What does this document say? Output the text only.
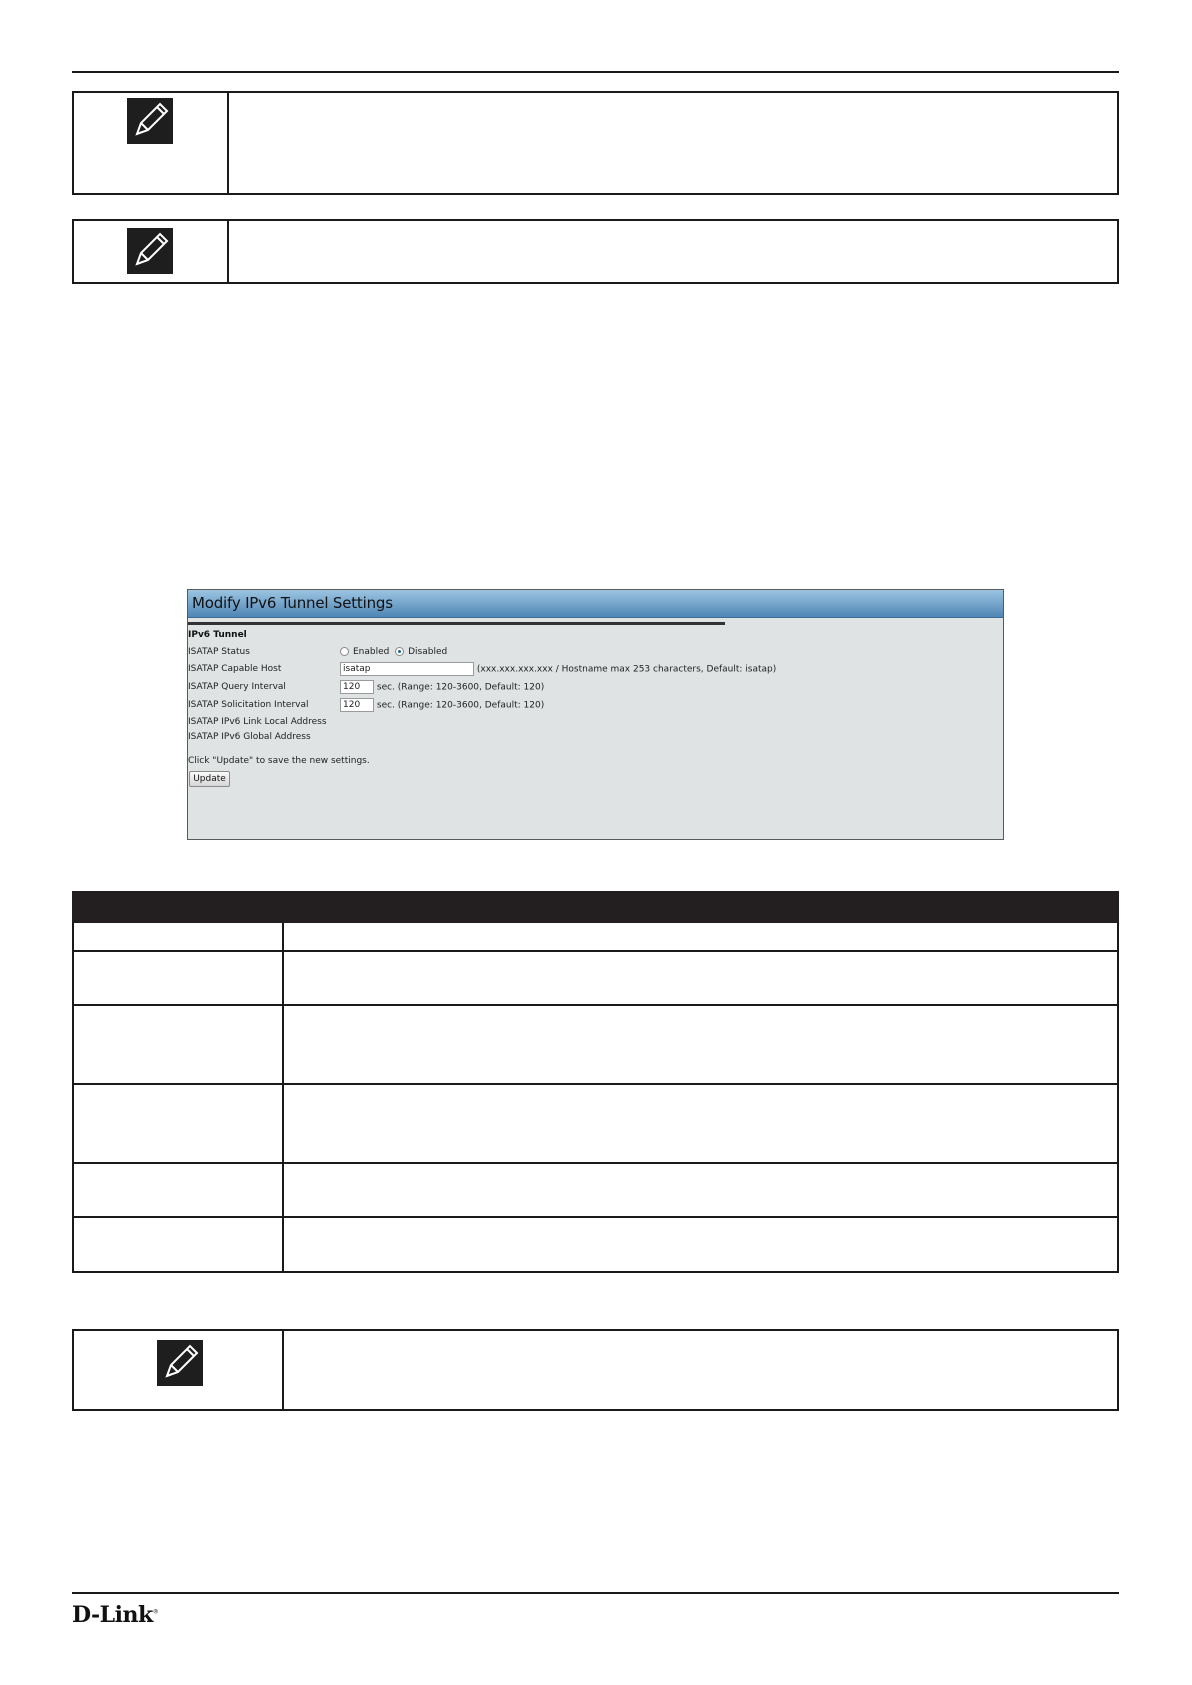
Modify IPv6 Tunnel Settings
IPv6 Tunnel
ISATAP Status	Enabled Disabled
ISATAP Capable Host	isatap	(xxx.xxx.xxx.xxx / Hostname max 253 characters, Default: isatap)
ISATAP Query Interval	120 sec. (Range: 120-3600, Default: 120)
ISATAP Solicitation Interval	120 sec. (Range: 120-3600, Default: 120)
ISATAP IPv6 Link Local Address
ISATAP IPv6 Global Address
Click "Update" to save the new settings.
Update
D-Link®
